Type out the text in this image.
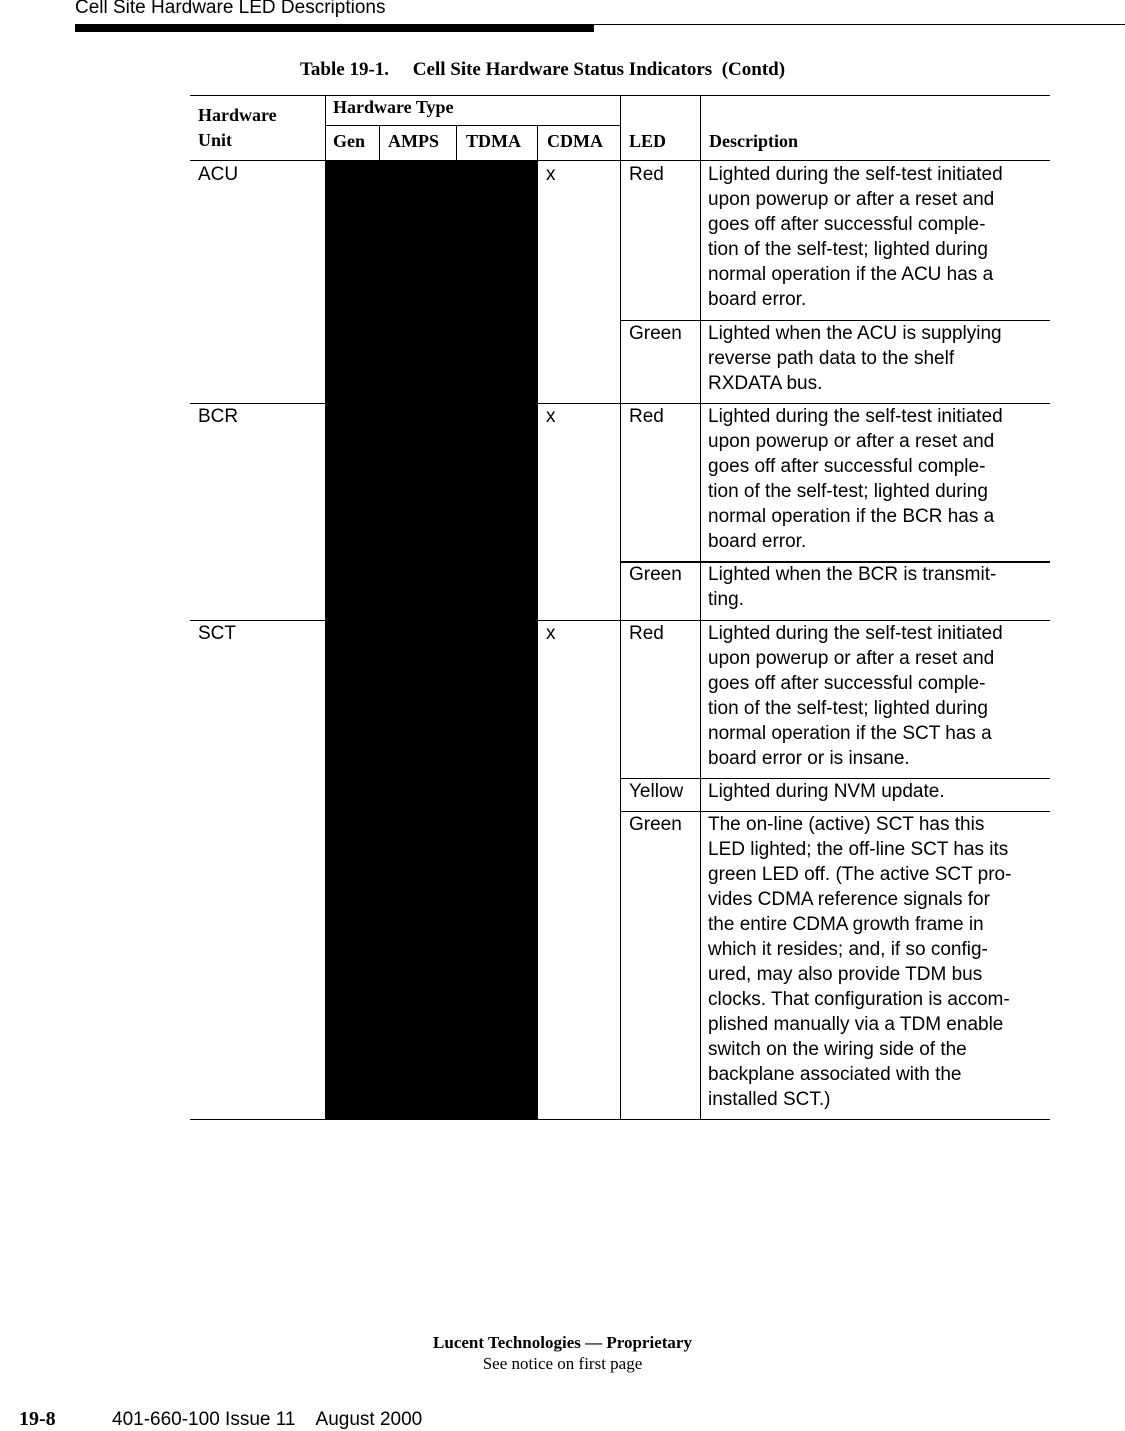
Cell Site Hardware LED Descriptions
Table 19-1.     Cell Site Hardware Status Indicators  (Contd)
Hardware
Unit
Hardware Type
Gen AMPS TDMA CDMA LED Description
ACU	x	Red Lighted during the self-test initiated
upon powerup or after a reset and
goes off after successful comple-
tion of the self-test; lighted during
normal operation if the ACU has a
board error.
Green Lighted when the ACU is supplying
reverse path data to the shelf
RXDATA bus.
BCR	x	Red Lighted during the self-test initiated
upon powerup or after a reset and
goes off after successful comple-
tion of the self-test; lighted during
normal operation if the BCR has a
board error.
Green Lighted when the BCR is transmit-
ting.
SCT	x	Red Lighted during the self-test initiated
upon powerup or after a reset and
goes off after successful comple-
tion of the self-test; lighted during
normal operation if the SCT has a
board error or is insane.
Yellow Lighted during NVM update.
Green The on-line (active) SCT has this
LED lighted; the off-line SCT has its
green LED off. (The active SCT pro-
vides CDMA reference signals for
the entire CDMA growth frame in
which it resides; and, if so config-
ured, may also provide TDM bus
clocks. That configuration is accom-
plished manually via a TDM enable
switch on the wiring side of the
backplane associated with the
installed SCT.)
Lucent Technologies — Proprietary
See notice on first page
19-8	401-660-100 Issue 11    August 2000
